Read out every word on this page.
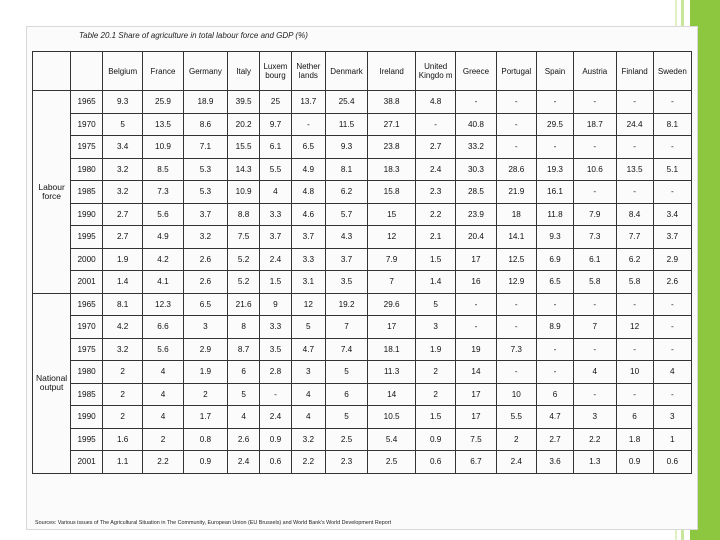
Table 20.1 Share of agriculture in total labour force and GDP (%)
		Belgium	France	Germany	Italy	Luxem bourg	Nether lands	Denmark	Ireland	United Kingdo m	Greece	Portugal	Spain	Austria	Finland	Sweden
Labour force	1965	9.3	25.9	18.9	39.5	25	13.7	25.4	38.8	4.8	-	-	-	-	-	-
	1970	5	13.5	8.6	20.2	9.7	-	11.5	27.1	-	40.8	-	29.5	18.7	24.4	8.1
	1975	3.4	10.9	7.1	15.5	6.1	6.5	9.3	23.8	2.7	33.2	-	-	-	-	-
	1980	3.2	8.5	5.3	14.3	5.5	4.9	8.1	18.3	2.4	30.3	28.6	19.3	10.6	13.5	5.1
	1985	3.2	7.3	5.3	10.9	4	4.8	6.2	15.8	2.3	28.5	21.9	16.1	-	-	-
	1990	2.7	5.6	3.7	8.8	3.3	4.6	5.7	15	2.2	23.9	18	11.8	7.9	8.4	3.4
	1995	2.7	4.9	3.2	7.5	3.7	3.7	4.3	12	2.1	20.4	14.1	9.3	7.3	7.7	3.7
	2000	1.9	4.2	2.6	5.2	2.4	3.3	3.7	7.9	1.5	17	12.5	6.9	6.1	6.2	2.9
	2001	1.4	4.1	2.6	5.2	1.5	3.1	3.5	7	1.4	16	12.9	6.5	5.8	5.8	2.6
National output	1965	8.1	12.3	6.5	21.6	9	12	19.2	29.6	5	-	-	-	-	-	-
	1970	4.2	6.6	3	8	3.3	5	7	17	3	-	-	8.9	7	12	-
	1975	3.2	5.6	2.9	8.7	3.5	4.7	7.4	18.1	1.9	19	7.3	-	-	-	-
	1980	2	4	1.9	6	2.8	3	5	11.3	2	14	-	-	4	10	4
	1985	2	4	2	5	-	4	6	14	2	17	10	6	-	-	-
	1990	2	4	1.7	4	2.4	4	5	10.5	1.5	17	5.5	4.7	3	6	3
	1995	1.6	2	0.8	2.6	0.9	3.2	2.5	5.4	0.9	7.5	2	2.7	2.2	1.8	1
	2001	1.1	2.2	0.9	2.4	0.6	2.2	2.3	2.5	0.6	6.7	2.4	3.6	1.3	0.9	0.6
Sources: Various issues of The Agricultural Situation in The Community, European Union (EU Brussels) and World Bank's World Development Report
